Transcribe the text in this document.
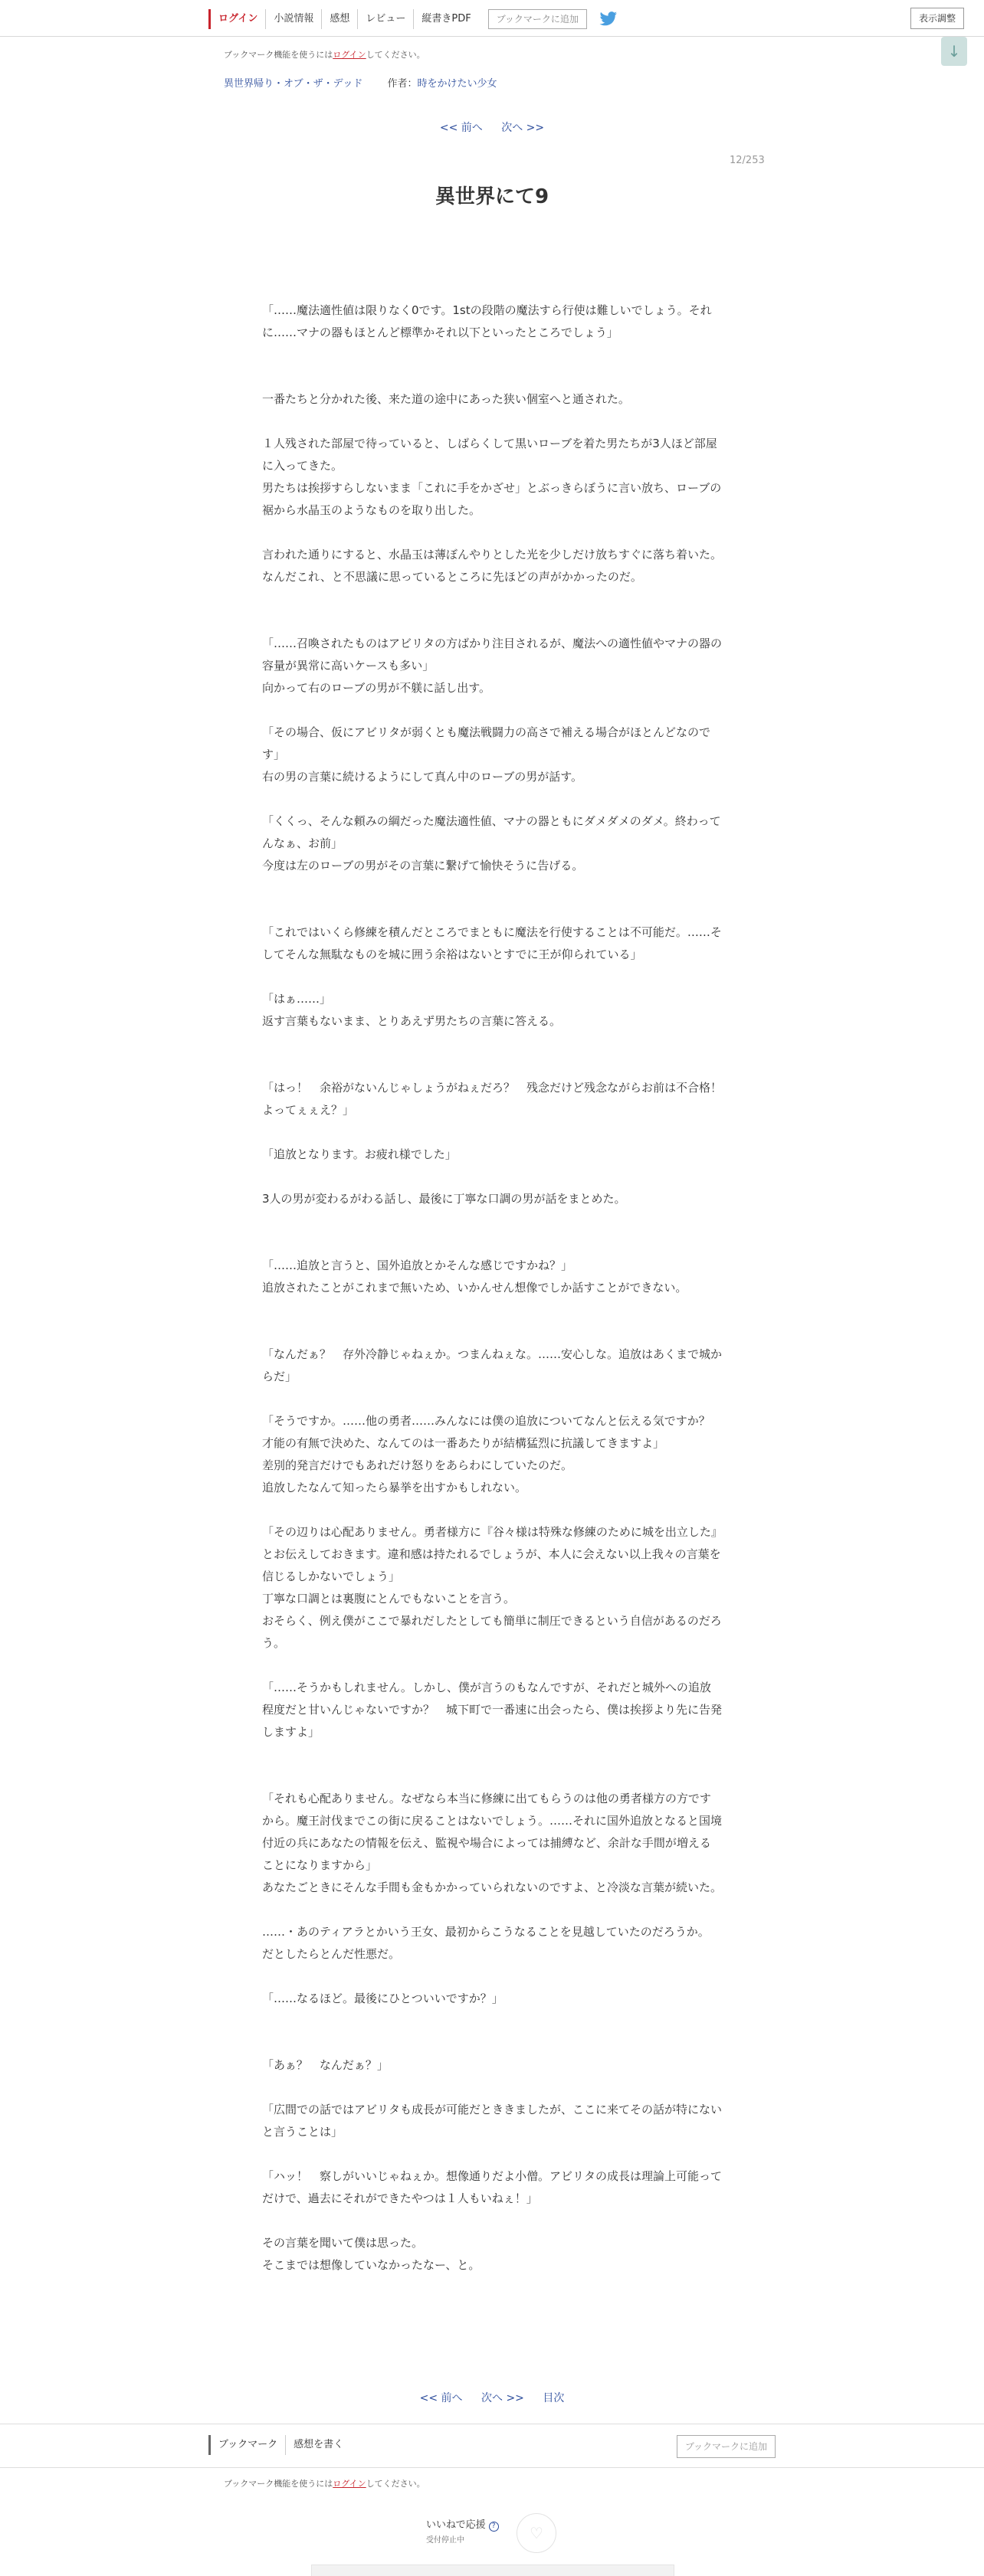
ログイン	小説情報	感想	レビュー	縦書きPDF	ブックマークに追加	表示調整
↓
ブックマーク機能を使うにはログインしてください。
異世界帰り・オブ・ザ・デッド 作者：時をかけたい少女
<< 前へ 次へ >>
12/253
異世界にて9

「……魔法適性値は限りなく0です。1stの段階の魔法すら行使は難しいでしょう。それに……マナの器もほとんど標準かそれ以下といったところでしょう」

一番たちと分かれた後、来た道の途中にあった狭い個室へと通された。

１人残された部屋で待っていると、しばらくして黒いローブを着た男たちが3人ほど部屋に入ってきた。

男たちは挨拶すらしないまま「これに手をかざせ」とぶっきらぼうに言い放ち、ローブの裾から水晶玉のようなものを取り出した。

言われた通りにすると、水晶玉は薄ぼんやりとした光を少しだけ放ちすぐに落ち着いた。

なんだこれ、と不思議に思っているところに先ほどの声がかかったのだ。

「……召喚されたものはアビリタの方ばかり注目されるが、魔法への適性値やマナの器の容量が異常に高いケースも多い」

向かって右のローブの男が不躾に話し出す。

「その場合、仮にアビリタが弱くとも魔法戦闘力の高さで補える場合がほとんどなのです」

右の男の言葉に続けるようにして真ん中のローブの男が話す。

「くくっ、そんな頼みの綱だった魔法適性値、マナの器ともにダメダメのダメ。終わってんなぁ、お前」

今度は左のローブの男がその言葉に繋げて愉快そうに告げる。

「これではいくら修練を積んだところでまともに魔法を行使することは不可能だ。……そしてそんな無駄なものを城に囲う余裕はないとすでに王が仰られている」

「はぁ……」

返す言葉もないまま、とりあえず男たちの言葉に答える。

「はっ！　余裕がないんじゃしょうがねぇだろ？　残念だけど残念ながらお前は不合格！　よってぇぇえ？」

「追放となります。お疲れ様でした」

3人の男が変わるがわる話し、最後に丁寧な口調の男が話をまとめた。

「……追放と言うと、国外追放とかそんな感じですかね？」

追放されたことがこれまで無いため、いかんせん想像でしか話すことができない。

「なんだぁ？　存外冷静じゃねぇか。つまんねぇな。……安心しな。追放はあくまで城からだ」

「そうですか。……他の勇者……みんなには僕の追放についてなんと伝える気ですか？　才能の有無で決めた、なんてのは一番あたりが結構猛烈に抗議してきますよ」

差別的発言だけでもあれだけ怒りをあらわにしていたのだ。

追放したなんて知ったら暴挙を出すかもしれない。

「その辺りは心配ありません。勇者様方に『谷々様は特殊な修練のために城を出立した』とお伝えしておきます。違和感は持たれるでしょうが、本人に会えない以上我々の言葉を信じるしかないでしょう」

丁寧な口調とは裏腹にとんでもないことを言う。

おそらく、例え僕がここで暴れだしたとしても簡単に制圧できるという自信があるのだろう。

「……そうかもしれません。しかし、僕が言うのもなんですが、それだと城外への追放程度だと甘いんじゃないですか？　城下町で一番速に出会ったら、僕は挨拶より先に告発しますよ」

「それも心配ありません。なぜなら本当に修練に出てもらうのは他の勇者様方の方ですから。魔王討伐までこの街に戻ることはないでしょう。……それに国外追放となると国境付近の兵にあなたの情報を伝え、監視や場合によっては捕縛など、余計な手間が増えることになりますから」

あなたごときにそんな手間も金もかかっていられないのですよ、と冷淡な言葉が続いた。

……・あのティアラとかいう王女、最初からこうなることを見越していたのだろうか。

だとしたらとんだ性悪だ。

「……なるほど。最後にひとついいですか？」

「あぁ？　なんだぁ？」

「広間での話ではアビリタも成長が可能だとききましたが、ここに来てその話が特にないと言うことは」

「ハッ！　察しがいいじゃねぇか。想像通りだよ小僧。アビリタの成長は理論上可能ってだけで、過去にそれができたやつは１人もいねぇ！」

その言葉を聞いて僕は思った。

そこまでは想像していなかったなー、と。

<< 前へ 次へ >> 目次
ブックマーク	感想を書く	ブックマークに追加
ブックマーク機能を使うにはログインしてください。
いいねで応援 ?
受付停止中	♡
